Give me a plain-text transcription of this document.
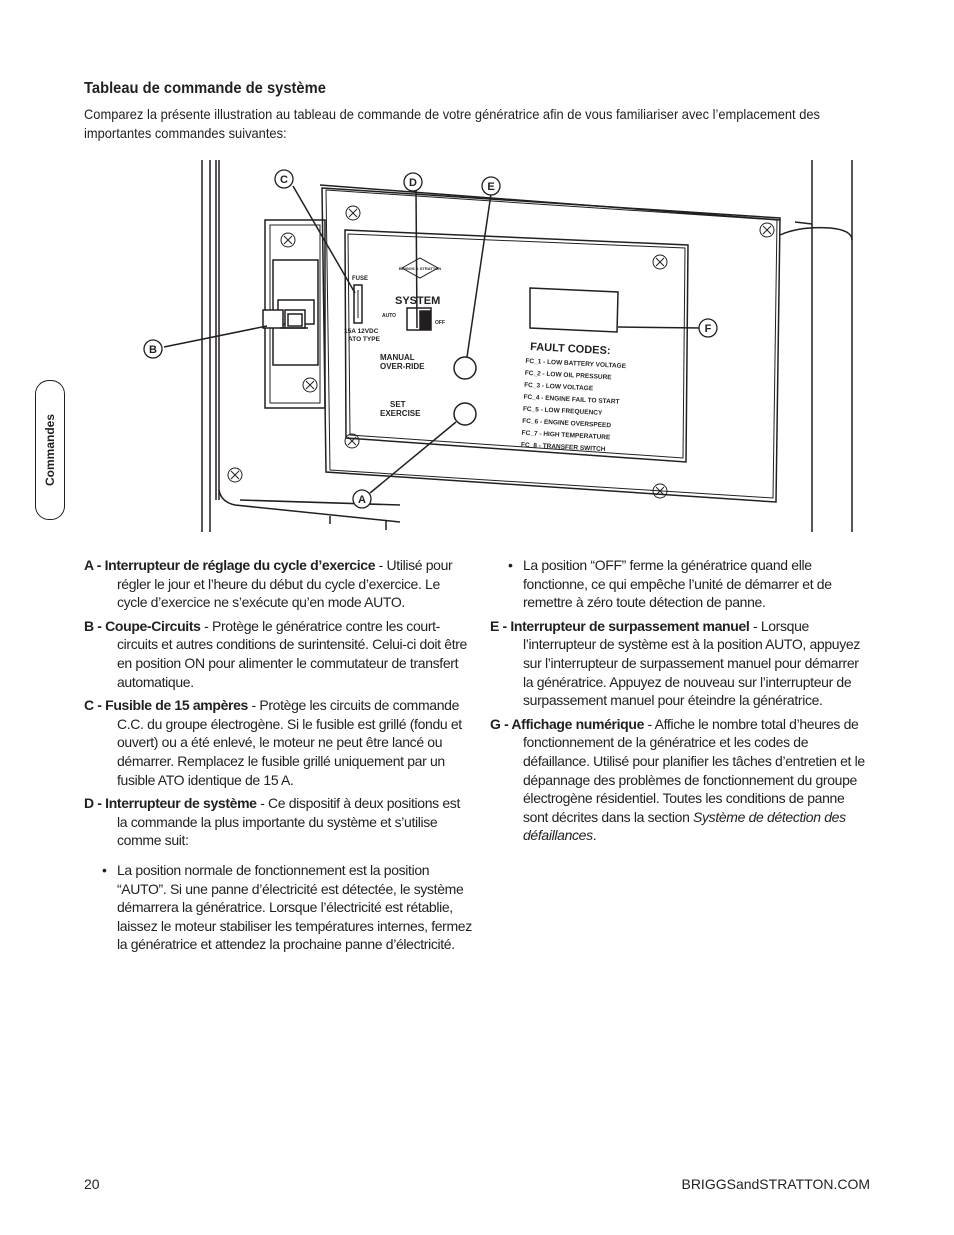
Tableau de commande de système
Comparez la présente illustration au tableau de commande de votre génératrice afin de vous familiariser avec l’emplacement des importantes commandes suivantes:
Commandes
B
C	D	E
F
A
FUSE
15A 12VDC
ATO TYPE
BRIGGS & STRATTON
SYSTEM
AUTO
OFF
MANUAL
OVER-RIDE
SET
EXERCISE
FAULT CODES:
FC_1 - LOW BATTERY VOLTAGE
FC_2 - LOW OIL PRESSURE
FC_3 - LOW VOLTAGE
FC_4 - ENGINE FAIL TO START
FC_5 - LOW FREQUENCY
FC_6 - ENGINE OVERSPEED
FC_7 - HIGH TEMPERATURE
FC_8 - TRANSFER SWITCH

A - Interrupteur de réglage du cycle d’exercice - Utilisé pour régler le jour et l’heure du début du cycle d’exercice. Le cycle d’exercice ne s’exécute qu’en mode AUTO.

B - Coupe-Circuits - Protège le génératrice contre les court-circuits et autres conditions de surintensité. Celui-ci doit être en position ON pour alimenter le commutateur de transfert automatique.

C - Fusible de 15 ampères - Protège les circuits de commande C.C. du groupe électrogène. Si le fusible est grillé (fondu et ouvert) ou a été enlevé, le moteur ne peut être lancé ou démarrer. Remplacez le fusible grillé uniquement par un fusible ATO identique de 15 A.

D - Interrupteur de système - Ce dispositif à deux positions est la commande la plus importante du système et s’utilise comme suit:

• La position normale de fonctionnement est la position “AUTO”. Si une panne d’électricité est détectée, le système démarrera la génératrice. Lorsque l’électricité est rétablie, laissez le moteur stabiliser les températures internes, fermez la génératrice et attendez la prochaine panne d’électricité.

• La position “OFF” ferme la génératrice quand elle fonctionne, ce qui empêche l’unité de démarrer et de remettre à zéro toute détection de panne.

E - Interrupteur de surpassement manuel - Lorsque l’interrupteur de système est à la position AUTO, appuyez sur l’interrupteur de surpassement manuel pour démarrer la génératrice. Appuyez de nouveau sur l’interrupteur de surpassement manuel pour éteindre la génératrice.

G - Affichage numérique - Affiche le nombre total d’heures de fonctionnement de la génératrice et les codes de défaillance. Utilisé pour planifier les tâches d’entretien et le dépannage des problèmes de fonctionnement du groupe électrogène résidentiel. Toutes les conditions de panne sont décrites dans la section Système de détection des défaillances.

20	BRIGGSandSTRATTON.COM
